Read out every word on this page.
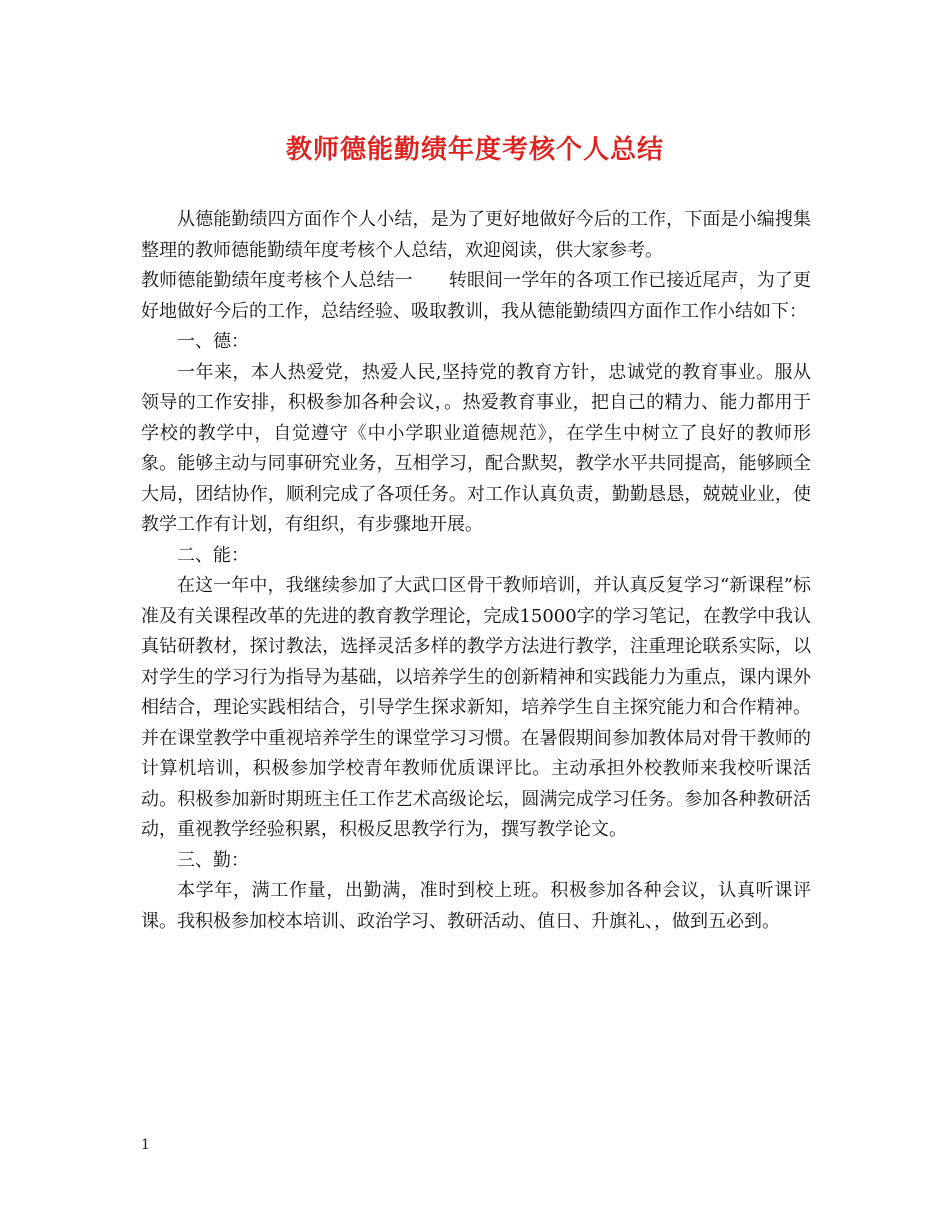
教师德能勤绩年度考核个人总结

从德能勤绩四方面作个人小结，是为了更好地做好今后的工作，下面是小编搜集整理的教师德能勤绩年度考核个人总结，欢迎阅读，供大家参考。

教师德能勤绩年度考核个人总结一 转眼间一学年的各项工作已接近尾声，为了更好地做好今后的工作，总结经验、吸取教训，我从德能勤绩四方面作工作小结如下：

一、德：

一年来，本人热爱党，热爱人民,坚持党的教育方针，忠诚党的教育事业。服从领导的工作安排，积极参加各种会议，。热爱教育事业，把自己的精力、能力都用于学校的教学中，自觉遵守《中小学职业道德规范》，在学生中树立了良好的教师形象。能够主动与同事研究业务，互相学习，配合默契，教学水平共同提高，能够顾全大局，团结协作，顺利完成了各项任务。对工作认真负责，勤勤恳恳，兢兢业业，使教学工作有计划，有组织，有步骤地开展。

二、能：

在这一年中，我继续参加了大武口区骨干教师培训，并认真反复学习“新课程”标准及有关课程改革的先进的教育教学理论，完成15000字的学习笔记，在教学中我认真钻研教材，探讨教法，选择灵活多样的教学方法进行教学，注重理论联系实际，以对学生的学习行为指导为基础，以培养学生的创新精神和实践能力为重点，课内课外相结合，理论实践相结合，引导学生探求新知，培养学生自主探究能力和合作精神。并在课堂教学中重视培养学生的课堂学习习惯。在暑假期间参加教体局对骨干教师的计算机培训，积极参加学校青年教师优质课评比。主动承担外校教师来我校听课活动。积极参加新时期班主任工作艺术高级论坛，圆满完成学习任务。参加各种教研活动，重视教学经验积累，积极反思教学行为，撰写教学论文。

三、勤：

本学年，满工作量，出勤满，准时到校上班。积极参加各种会议，认真听课评课。我积极参加校本培训、政治学习、教研活动、值日、升旗礼、，做到五必到。

1
